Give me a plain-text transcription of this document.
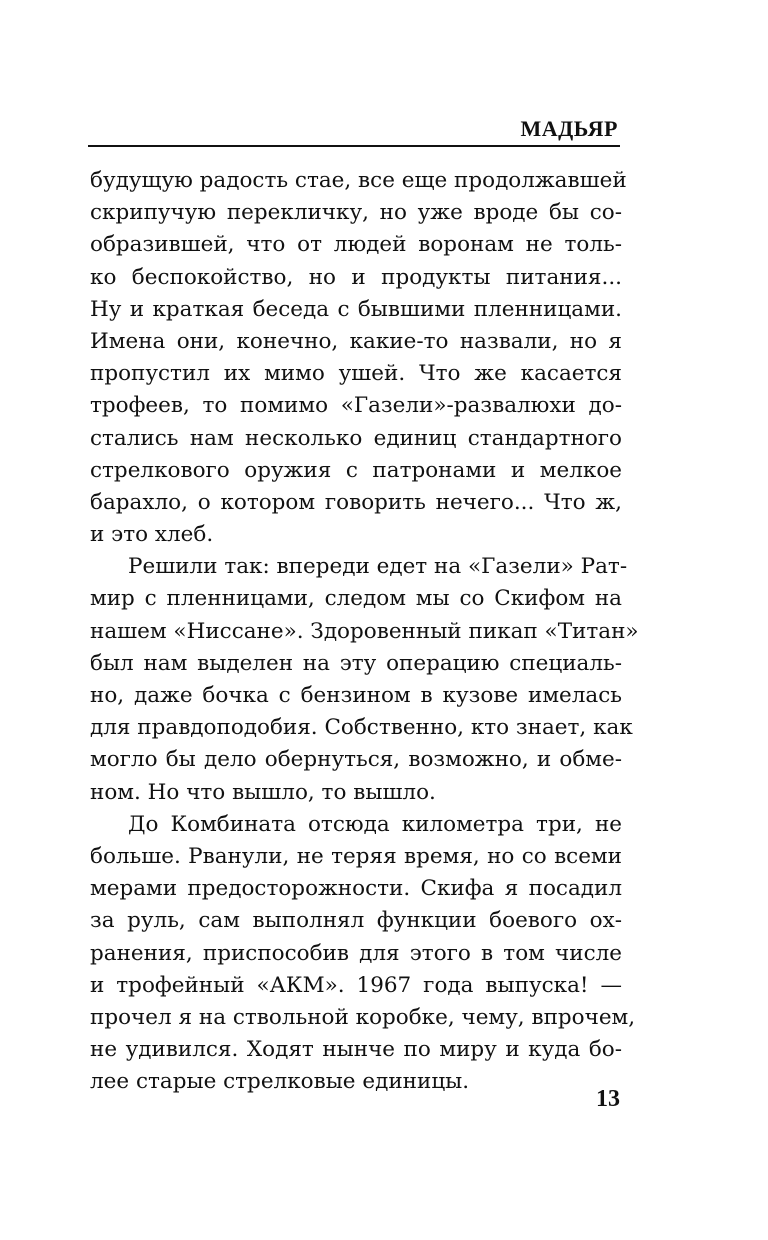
МАДЬЯР
будущую радость стае, все еще продолжавшей
скрипучую перекличку, но уже вроде бы со-
образившей, что от людей воронам не толь-
ко беспокойство, но и продукты питания...
Ну и краткая беседа с бывшими пленницами.
Имена они, конечно, какие-то назвали, но я
пропустил их мимо ушей. Что же касается
трофеев, то помимо «Газели»-развалюхи до-
стались нам несколько единиц стандартного
стрелкового оружия с патронами и мелкое
барахло, о котором говорить нечего... Что ж,
и это хлеб.
Решили так: впереди едет на «Газели» Рат-
мир с пленницами, следом мы со Скифом на
нашем «Ниссане». Здоровенный пикап «Титан»
был нам выделен на эту операцию специаль-
но, даже бочка с бензином в кузове имелась
для правдоподобия. Собственно, кто знает, как
могло бы дело обернуться, возможно, и обме-
ном. Но что вышло, то вышло.
До Комбината отсюда километра три, не
больше. Рванули, не теряя время, но со всеми
мерами предосторожности. Скифа я посадил
за руль, сам выполнял функции боевого ох-
ранения, приспособив для этого в том числе
и трофейный «АКМ». 1967 года выпуска! —
прочел я на ствольной коробке, чему, впрочем,
не удивился. Ходят нынче по миру и куда бо-
лее старые стрелковые единицы.
13
